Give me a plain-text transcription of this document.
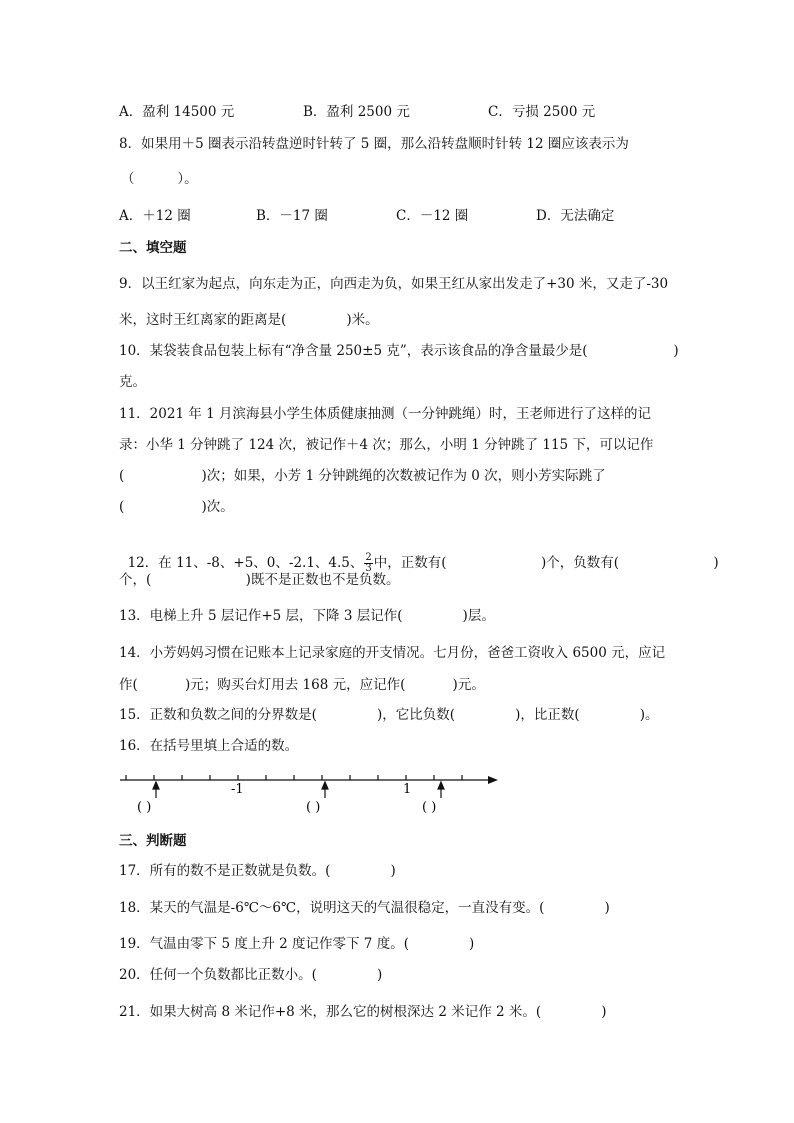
A．盈利 14500 元	B．盈利 2500 元	C．亏损 2500 元
8．如果用＋5 圈表示沿转盘逆时针转了 5 圈，那么沿转盘顺时针转 12 圈应该表示为
（          ）。
A．＋12 圈	B．－17 圈	C．－12 圈	D．无法确定
二、填空题
9．以王红家为起点，向东走为正，向西走为负，如果王红从家出发走了+30 米，又走了-30
米，这时王红离家的距离是(              )米。
10．某袋装食品包装上标有“净含量 250±5 克”，表示该食品的净含量最少是(                    )
克。
11．2021 年 1 月滨海县小学生体质健康抽测（一分钟跳绳）时，王老师进行了这样的记
录：小华 1 分钟跳了 124 次，被记作＋4 次；那么，小明 1 分钟跳了 115 下，可以记作
(                  )次；如果，小芳 1 分钟跳绳的次数被记作为 0 次，则小芳实际跳了
(                  )次。

12．在 11、-8、+5、0、-2.1、4.5、 $\frac{2}{3}$ 中，正数有(                      )个，负数有(                      )

个，(                      )既不是正数也不是负数。
13．电梯上升 5 层记作+5 层，下降 3 层记作(              )层。
14．小芳妈妈习惯在记账本上记录家庭的开支情况。七月份，爸爸工资收入 6500 元，应记
作(           )元；购买台灯用去 168 元，应记作(           )元。
15．正数和负数之间的分界数是(              )，它比负数(              )，比正数(              )。
16．在括号里填上合适的数。
-1	1
( )	( )	( )
三、判断题
17．所有的数不是正数就是负数。(              )
18．某天的气温是-6℃～6℃，说明这天的气温很稳定，一直没有变。(              )
19．气温由零下 5 度上升 2 度记作零下 7 度。(              )
20．任何一个负数都比正数小。(              )
21．如果大树高 8 米记作+8 米，那么它的树根深达 2 米记作 2 米。(              )
